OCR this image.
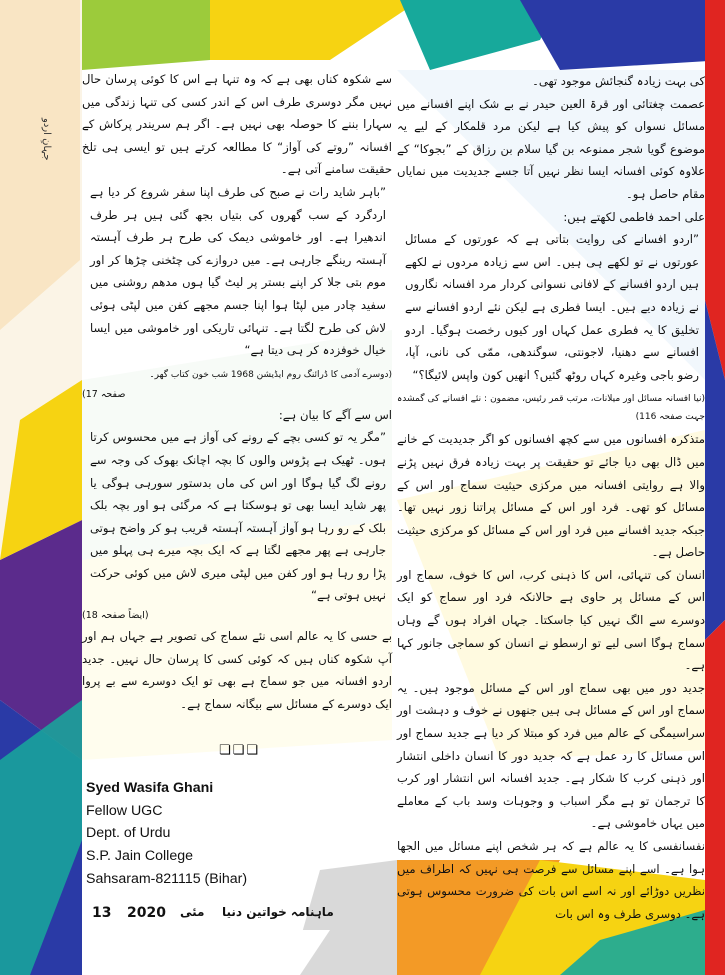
جہانِ اردو

کی بہت زیادہ گنجائش موجود تھی۔

عصمت چغتائی اور قرۃ العین حیدر نے بے شک اپنے افسانے میں مسائل نسواں کو پیش کیا ہے لیکن مرد قلمکار کے لیے یہ موضوع گویا شجر ممنوعہ بن گیا سلام بن رزاق کے ”بجوکا“ کے علاوہ کوئی افسانہ ایسا نظر نہیں آتا جسے جدیدیت میں نمایاں مقام حاصل ہو۔

علی احمد فاطمی لکھتے ہیں:

”اردو افسانے کی روایت بتاتی ہے کہ عورتوں کے مسائل عورتوں نے تو لکھے ہی ہیں۔ اس سے زیادہ مردوں نے لکھے ہیں اردو افسانے کے لافانی نسوانی کردار مرد افسانہ نگاروں نے زیادہ دیے ہیں۔ ایسا فطری ہے لیکن نئے اردو افسانے سے تخلیق کا یہ فطری عمل کہاں اور کیوں رخصت ہوگیا۔ اردو افسانے سے دھنیا، لاجونتی، سوگندھی، ممّی کی نانی، آپا، رضو باجی وغیرہ کہاں روٹھ گئیں؟ انھیں کون واپس لائیگا؟“

(نیا افسانہ مسائل اور میلانات، مرتب قمر رئیس، مضمون : نئے افسانے کی گمشدہ جہت صفحہ 116)

متذکرہ افسانوں میں سے کچھ افسانوں کو اگر جدیدیت کے خانے میں ڈال بھی دیا جائے تو حقیقت پر بہت زیادہ فرق نہیں پڑنے والا ہے روایتی افسانہ میں مرکزی حیثیت سماج اور اس کے مسائل کو تھی۔ فرد اور اس کے مسائل پراتنا زور نہیں تھا۔ جبکہ جدید افسانے میں فرد اور اس کے مسائل کو مرکزی حیثیت حاصل ہے۔

انسان کی تنہائی، اس کا ذہنی کرب، اس کا خوف، سماج اور اس کے مسائل پر حاوی ہے حالانکہ فرد اور سماج کو ایک دوسرے سے الگ نہیں کیا جاسکتا۔ جہاں افراد ہوں گے وہاں سماج ہوگا اسی لیے تو ارسطو نے انسان کو سماجی جانور کہا ہے۔

جدید دور میں بھی سماج اور اس کے مسائل موجود ہیں۔ یہ سماج اور اس کے مسائل ہی ہیں جنھوں نے خوف و دہشت اور سراسیمگی کے عالم میں فرد کو مبتلا کر دیا ہے جدید سماج اور اس مسائل کا رد عمل ہے کہ جدید دور کا انسان داخلی انتشار اور ذہنی کرب کا شکار ہے۔ جدید افسانہ اس انتشار اور کرب کا ترجمان تو ہے مگر اسباب و وجوہات وسد باب کے معاملے میں یہاں خاموشی ہے۔

نفسانفسی کا یہ عالم ہے کہ ہر شخص اپنے مسائل میں الجھا ہوا ہے۔ اسے اپنے مسائل سے فرصت ہی نہیں کہ اطراف میں نظریں دوڑائے اور نہ اسے اس بات کی ضرورت محسوس ہوتی ہے۔ دوسری طرف وہ اس بات

سے شکوہ کناں بھی ہے کہ وہ تنہا ہے اس کا کوئی پرسان حال نہیں مگر دوسری طرف اس کے اندر کسی کی تنہا زندگی میں سہارا بننے کا حوصلہ بھی نہیں ہے۔ اگر ہم سریندر پرکاش کے افسانہ ”روتے کی آواز“ کا مطالعہ کرتے ہیں تو ایسی ہی تلخ حقیقت سامنے آتی ہے۔

”باہر شاید رات نے صبح کی طرف اپنا سفر شروع کر دیا ہے اردگرد کے سب گھروں کی بتیاں بجھ گئی ہیں ہر طرف اندھیرا ہے۔ اور خاموشی دیمک کی طرح ہر طرف آہستہ آہستہ رینگے جارہی ہے۔ میں دروازے کی چٹخنی چڑھا کر اور موم بتی جلا کر اپنے بستر پر لیٹ گیا ہوں مدھم روشنی میں سفید چادر میں لپٹا ہوا اپنا جسم مجھے کفن میں لپٹی ہوئی لاش کی طرح لگتا ہے۔ تنہائی تاریکی اور خاموشی میں ایسا خیال خوفزدہ کر ہی دیتا ہے“

(دوسرے آدمی کا ڈرائنگ روم ایڈیشن 1968 شب خون کتاب گھر۔

صفحہ 17)

اس سے آگے کا بیان ہے:

”مگر یہ تو کسی بچے کے رونے کی آواز ہے میں محسوس کرتا ہوں۔ ٹھیک ہے پڑوس والوں کا بچہ اچانک بھوک کی وجہ سے رونے لگ گیا ہوگا اور اس کی ماں بدستور سورہی ہوگی یا پھر شاید ایسا بھی تو ہوسکتا ہے کہ مرگئی ہو اور بچہ بلک بلک کے رو رہا ہو آواز آہستہ آہستہ قریب ہو کر واضح ہوتی جارہی ہے پھر مجھے لگتا ہے کہ ایک بچہ میرے ہی پہلو میں پڑا رو رہا ہو اور کفن میں لپٹی میری لاش میں کوئی حرکت نہیں ہوتی ہے“

(ایضاً صفحہ 18)

بے حسی کا یہ عالم اسی نئے سماج کی تصویر ہے جہاں ہم اور آپ شکوہ کناں ہیں کہ کوئی کسی کا پرسان حال نہیں۔ جدید اردو افسانہ میں جو سماج ہے بھی تو ایک دوسرے سے بے پروا ایک دوسرے کے مسائل سے بیگانہ سماج ہے۔

❏❏❏
Syed Wasifa Ghani
Fellow UGC
Dept. of Urdu
S.P. Jain College
Sahsaram-821115 (Bihar)
13 2020 مئی ماہنامہ خواتین دنیا
